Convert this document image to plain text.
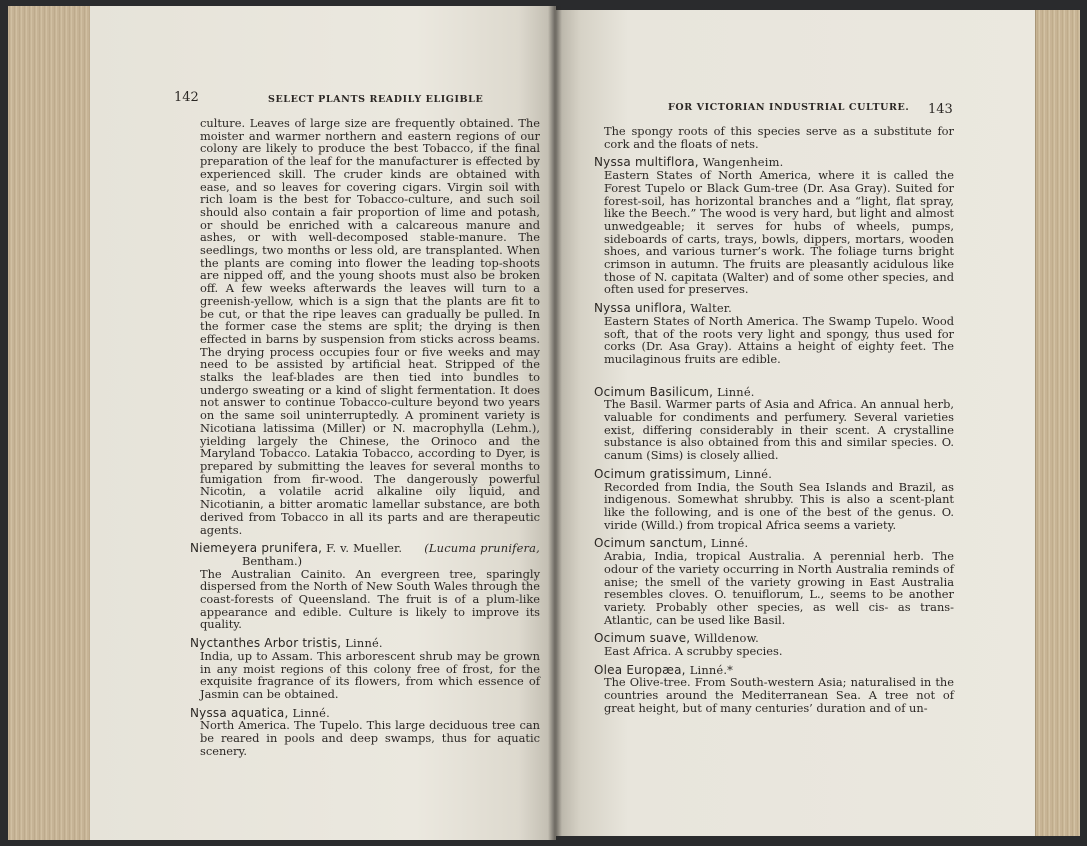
142	SELECT PLANTS READILY ELIGIBLE

culture. Leaves of large size are frequently obtained. The moister and warmer northern and eastern regions of our colony are likely to produce the best Tobacco, if the final preparation of the leaf for the manufacturer is effected by experienced skill. The cruder kinds are obtained with ease, and so leaves for covering cigars. Virgin soil with rich loam is the best for Tobacco-culture, and such soil should also contain a fair proportion of lime and potash, or should be enriched with a calcareous manure and ashes, or with well-decomposed stable-manure. The seedlings, two months or less old, are transplanted. When the plants are coming into flower the leading top-shoots are nipped off, and the young shoots must also be broken off. A few weeks afterwards the leaves will turn to a greenish-yellow, which is a sign that the plants are fit to be cut, or that the ripe leaves can gradually be pulled. In the former case the stems are split; the drying is then effected in barns by suspension from sticks across beams. The drying process occupies four or five weeks and may need to be assisted by artificial heat. Stripped of the stalks the leaf-blades are then tied into bundles to undergo sweating or a kind of slight fermentation. It does not answer to continue Tobacco-culture beyond two years on the same soil uninterruptedly. A prominent variety is Nicotiana latissima (Miller) or N. macrophylla (Lehm.), yielding largely the Chinese, the Orinoco and the Maryland Tobacco. Latakia Tobacco, according to Dyer, is prepared by submitting the leaves for several months to fumigation from fir-wood. The dangerously powerful Nicotin, a volatile acrid alkaline oily liquid, and Nicotianin, a bitter aromatic lamellar substance, are both derived from Tobacco in all its parts and are therapeutic agents.

Niemeyera prunifera, F. v. Mueller. (Lucuma prunifera,
Bentham.)

The Australian Cainito. An evergreen tree, sparingly dispersed from the North of New South Wales through the coast-forests of Queensland. The fruit is of a plum-like appearance and edible. Culture is likely to improve its quality.

Nyctanthes Arbor tristis, Linné.

India, up to Assam. This arborescent shrub may be grown in any moist regions of this colony free of frost, for the exquisite fragrance of its flowers, from which essence of Jasmin can be obtained.

Nyssa aquatica, Linné.

North America. The Tupelo. This large deciduous tree can be reared in pools and deep swamps, thus for aquatic scenery.

FOR VICTORIAN INDUSTRIAL CULTURE. 143

The spongy roots of this species serve as a substitute for cork and the floats of nets.

Nyssa multiflora, Wangenheim.

Eastern States of North America, where it is called the Forest Tupelo or Black Gum-tree (Dr. Asa Gray). Suited for forest-soil, has horizontal branches and a “light, flat spray, like the Beech.” The wood is very hard, but light and almost unwedgeable; it serves for hubs of wheels, pumps, sideboards of carts, trays, bowls, dippers, mortars, wooden shoes, and various turner’s work. The foliage turns bright crimson in autumn. The fruits are pleasantly acidulous like those of N. capitata (Walter) and of some other species, and often used for preserves.

Nyssa uniflora, Walter.

Eastern States of North America. The Swamp Tupelo. Wood soft, that of the roots very light and spongy, thus used for corks (Dr. Asa Gray). Attains a height of eighty feet. The mucilaginous fruits are edible.

Ocimum Basilicum, Linné.

The Basil. Warmer parts of Asia and Africa. An annual herb, valuable for condiments and perfumery. Several varieties exist, differing considerably in their scent. A crystalline substance is also obtained from this and similar species. O. canum (Sims) is closely allied.

Ocimum gratissimum, Linné.

Recorded from India, the South Sea Islands and Brazil, as indigenous. Somewhat shrubby. This is also a scent-plant like the following, and is one of the best of the genus. O. viride (Willd.) from tropical Africa seems a variety.

Ocimum sanctum, Linné.

Arabia, India, tropical Australia. A perennial herb. The odour of the variety occurring in North Australia reminds of anise; the smell of the variety growing in East Australia resembles cloves. O. tenuiflorum, L., seems to be another variety. Probably other species, as well cis- as trans-Atlantic, can be used like Basil.

Ocimum suave, Willdenow.

East Africa. A scrubby species.

Olea Europæa, Linné.*

The Olive-tree. From South-western Asia; naturalised in the countries around the Mediterranean Sea. A tree not of great height, but of many centuries’ duration and of un-
